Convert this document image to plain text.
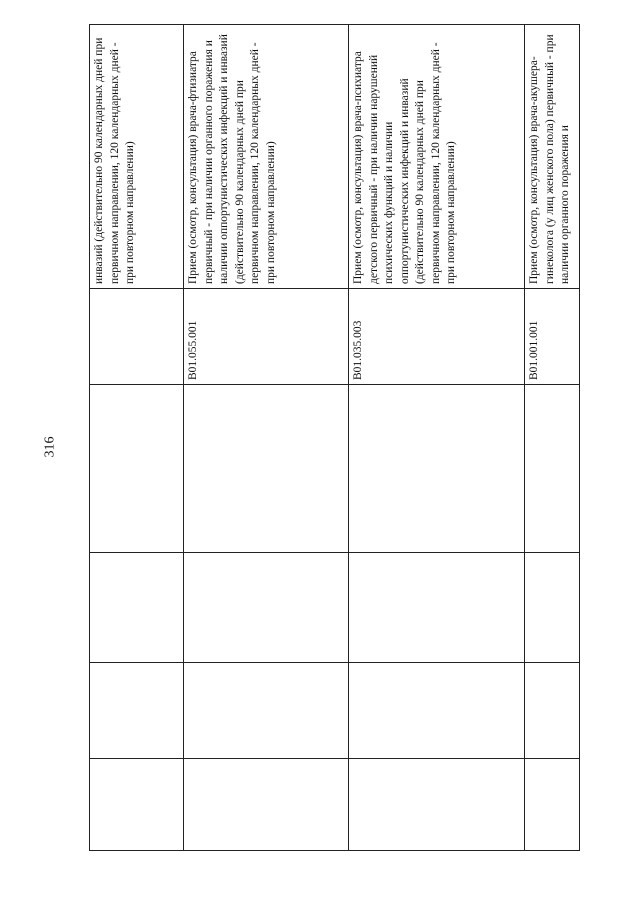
316
					инвазий (действительно 90 календарных дней при первичном направлении, 120 календарных дней - при повторном направлении)
				B01.055.001	Прием (осмотр, консультация) врача-фтизиатра первичный - при наличии органного поражения и наличии оппортунистических инфекций и инвазий (действительно 90 календарных дней при первичном направлении, 120 календарных дней - при повторном направлении)
				B01.035.003	Прием (осмотр, консультация) врача-психиатра детского первичный - при наличии нарушений психических функций и наличии оппортунистических инфекций и инвазий (действительно 90 календарных дней при первичном направлении, 120 календарных дней - при повторном направлении)
				B01.001.001	Прием (осмотр, консультация) врача-акушера-гинеколога (у лиц женского пола) первичный - при наличии органного поражения и
